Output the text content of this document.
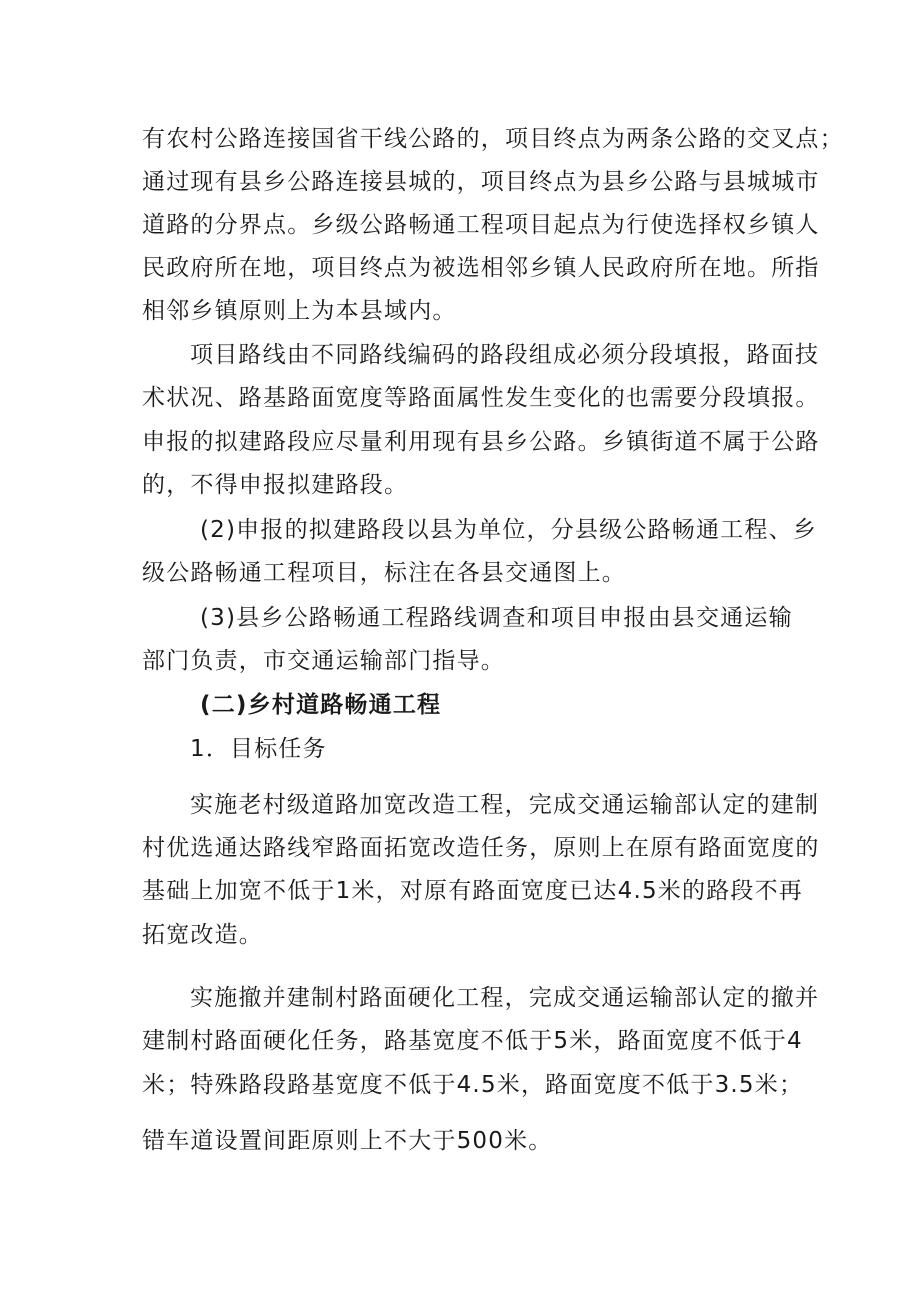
有农村公路连接国省干线公路的，项目终点为两条公路的交叉点；
通过现有县乡公路连接县城的，项目终点为县乡公路与县城城市
道路的分界点。乡级公路畅通工程项目起点为行使选择权乡镇人
民政府所在地，项目终点为被选相邻乡镇人民政府所在地。所指
相邻乡镇原则上为本县域内。
项目路线由不同路线编码的路段组成必须分段填报，路面技
术状况、路基路面宽度等路面属性发生变化的也需要分段填报。
申报的拟建路段应尽量利用现有县乡公路。乡镇街道不属于公路
的，不得申报拟建路段。
(2)申报的拟建路段以县为单位，分县级公路畅通工程、乡
级公路畅通工程项目，标注在各县交通图上。
(3)县乡公路畅通工程路线调查和项目申报由县交通运输
部门负责，市交通运输部门指导。
(二)乡村道路畅通工程
1．目标任务
实施老村级道路加宽改造工程，完成交通运输部认定的建制
村优选通达路线窄路面拓宽改造任务，原则上在原有路面宽度的
基础上加宽不低于1米，对原有路面宽度已达4.5米的路段不再
拓宽改造。
实施撤并建制村路面硬化工程，完成交通运输部认定的撤并
建制村路面硬化任务，路基宽度不低于5米，路面宽度不低于4
米；特殊路段路基宽度不低于4.5米，路面宽度不低于3.5米；
错车道设置间距原则上不大于500米。
